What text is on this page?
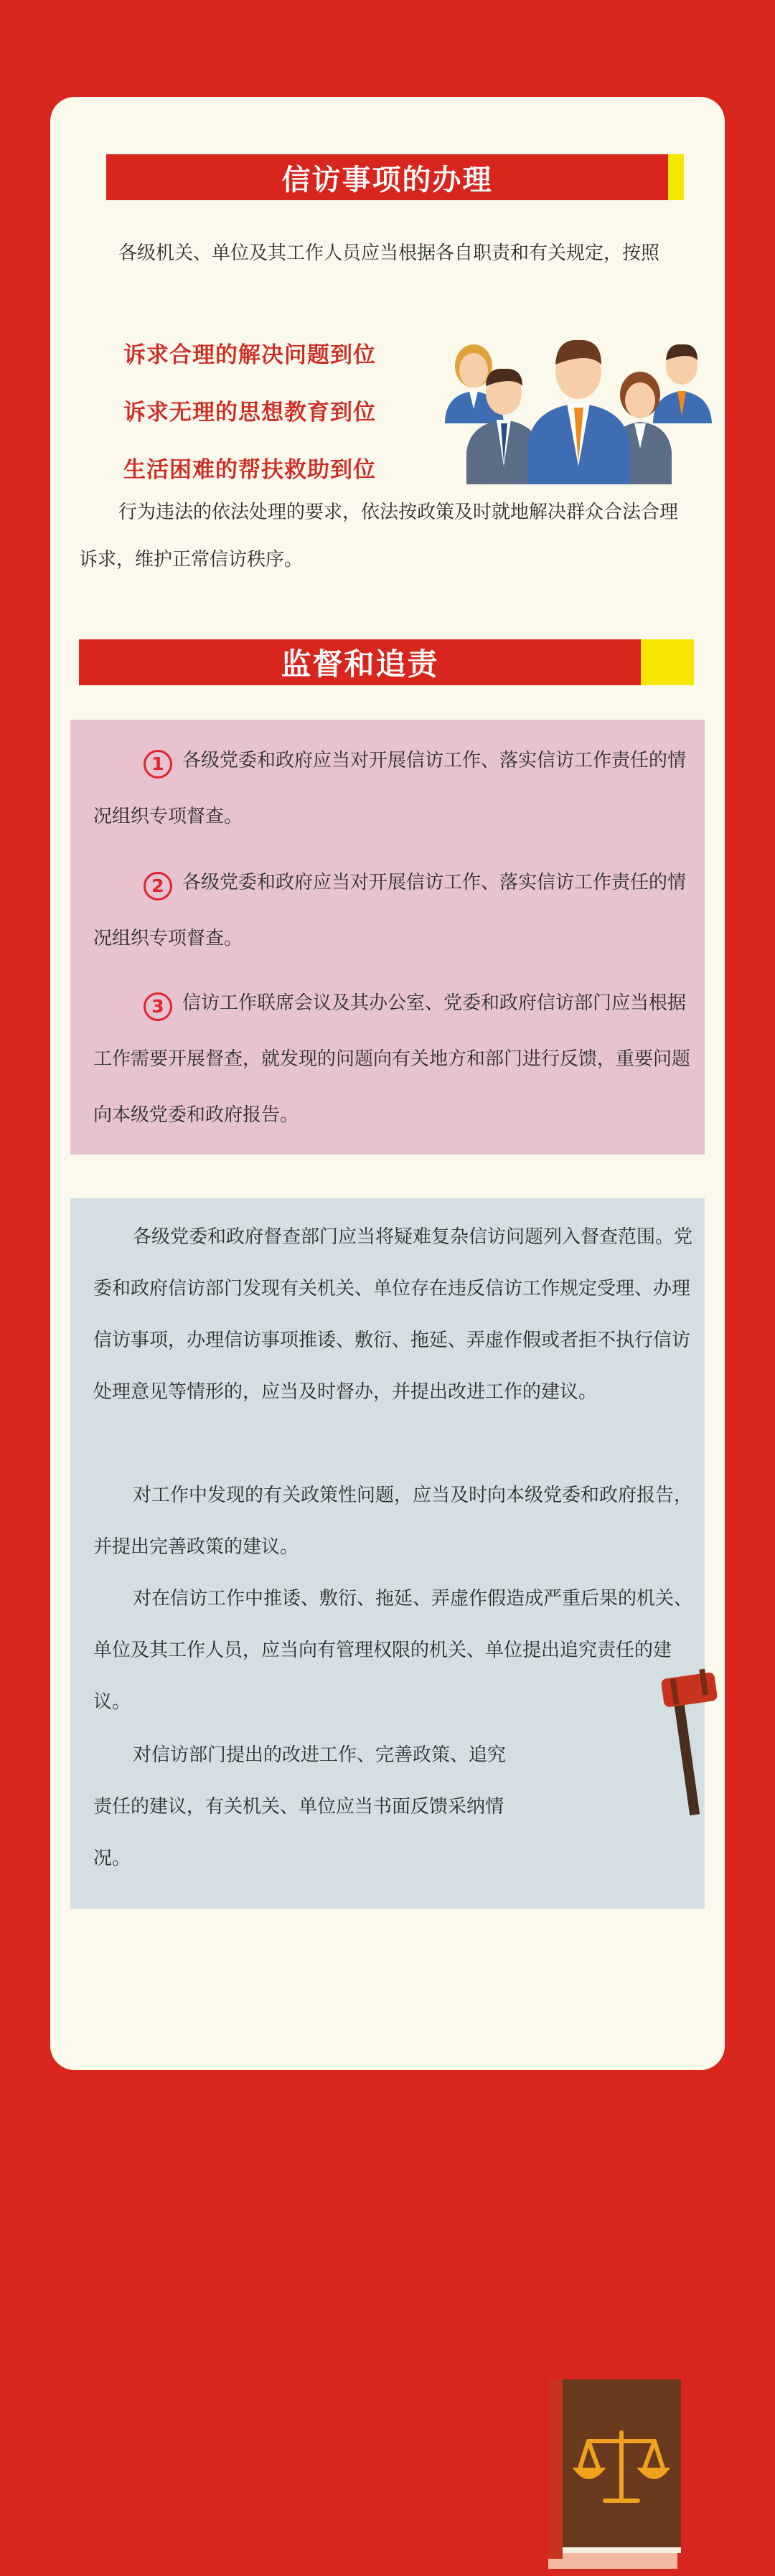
信访事项的办理

各级机关、单位及其工作人员应当根据各自职责和有关规定，按照

诉求合理的解决问题到位
诉求无理的思想教育到位
生活困难的帮扶救助到位

行为违法的依法处理的要求，依法按政策及时就地解决群众合法合理诉求，维护正常信访秩序。

监督和追责

1 各级党委和政府应当对开展信访工作、落实信访工作责任的情况组织专项督查。

2 各级党委和政府应当对开展信访工作、落实信访工作责任的情况组织专项督查。

3 信访工作联席会议及其办公室、党委和政府信访部门应当根据工作需要开展督查，就发现的问题向有关地方和部门进行反馈，重要问题向本级党委和政府报告。

各级党委和政府督查部门应当将疑难复杂信访问题列入督查范围。党委和政府信访部门发现有关机关、单位存在违反信访工作规定受理、办理信访事项，办理信访事项推诿、敷衍、拖延、弄虚作假或者拒不执行信访处理意见等情形的，应当及时督办，并提出改进工作的建议。

对工作中发现的有关政策性问题，应当及时向本级党委和政府报告，并提出完善政策的建议。

对在信访工作中推诿、敷衍、拖延、弄虚作假造成严重后果的机关、单位及其工作人员，应当向有管理权限的机关、单位提出追究责任的建议。

对信访部门提出的改进工作、完善政策、追究责任的建议，有关机关、单位应当书面反馈采纳情况。
